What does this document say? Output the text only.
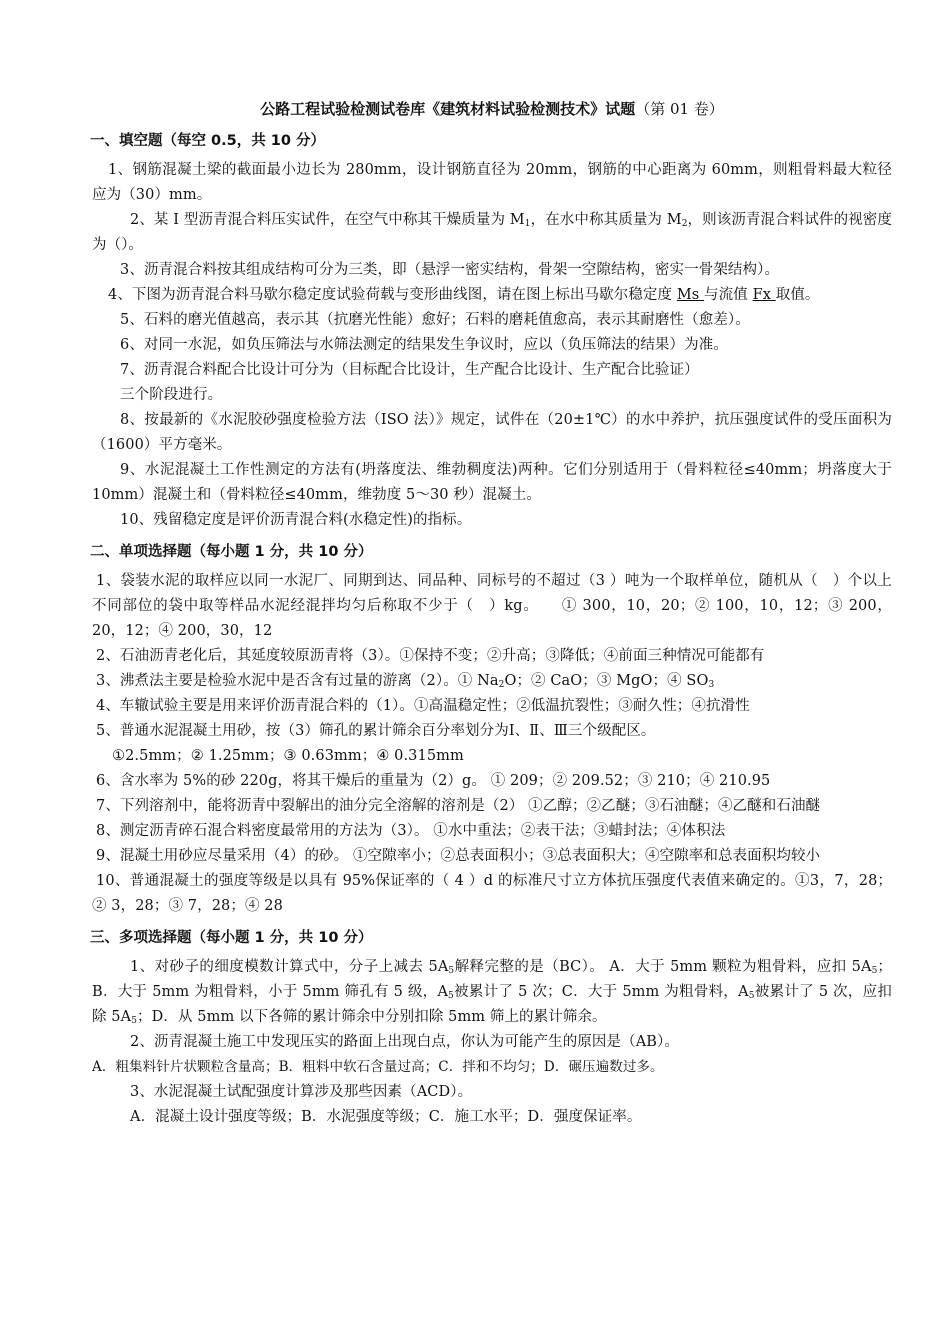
公路工程试验检测试卷库《建筑材料试验检测技术》试题（第 01 卷）
一、填空题（每空 0.5，共 10 分）

1、钢筋混凝土梁的截面最小边长为 280mm，设计钢筋直径为 20mm，钢筋的中心距离为 60mm，则粗骨料最大粒径应为（30）mm。

2、某 I 型沥青混合料压实试件，在空气中称其干燥质量为 $M_1$，在水中称其质量为 $M_2$，则该沥青混合料试件的视密度为（）。

3、沥青混合料按其组成结构可分为三类，即（悬浮一密实结构，骨架一空隙结构，密实一骨架结构）。

4、下图为沥青混合料马歇尔稳定度试验荷载与变形曲线图，请在图上标出马歇尔稳定度 Ms 与流值 Fx 取值。

5、石料的磨光值越高，表示其（抗磨光性能）愈好；石料的磨耗值愈高，表示其耐磨性（愈差）。

6、对同一水泥，如负压筛法与水筛法测定的结果发生争议时，应以（负压筛法的结果）为准。

7、沥青混合料配合比设计可分为（目标配合比设计，生产配合比设计、生产配合比验证）

三个阶段进行。

8、按最新的《水泥胶砂强度检验方法（ISO 法）》规定，试件在（20±1℃）的水中养护，抗压强度试件的受压面积为（1600）平方毫米。

9、水泥混凝土工作性测定的方法有(坍落度法、维勃稠度法)两种。它们分别适用于（骨料粒径≤40mm；坍落度大于 10mm）混凝土和（骨料粒径≤40mm，维勃度 5～30 秒）混凝土。

10、残留稳定度是评价沥青混合料(水稳定性)的指标。

二、单项选择题（每小题 1 分，共 10 分）

1、袋装水泥的取样应以同一水泥厂、同期到达、同品种、同标号的不超过（3 ）吨为一个取样单位，随机从（　）个以上不同部位的袋中取等样品水泥经混拌均匀后称取不少于（　）kg。　　① 300，10，20；② 100，10，12；③ 200，20，12；④ 200，30，12

2、石油沥青老化后，其延度较原沥青将（3）。①保持不变；②升高；③降低；④前面三种情况可能都有

3、沸煮法主要是检验水泥中是否含有过量的游离（2）。① $Na_2O$；② CaO；③ MgO；④ $SO_3$

4、车辙试验主要是用来评价沥青混合料的（1）。①高温稳定性；②低温抗裂性；③耐久性；④抗滑性

5、普通水泥混凝土用砂，按（3）筛孔的累计筛余百分率划分为Ⅰ、Ⅱ、Ⅲ三个级配区。

①2.5mm；② 1.25mm；③ 0.63mm；④ 0.315mm

6、含水率为 5%的砂 220g，将其干燥后的重量为（2）g。 ① 209；② 209.52；③ 210；④ 210.95

7、下列溶剂中，能将沥青中裂解出的油分完全溶解的溶剂是（2） ①乙醇；②乙醚；③石油醚；④乙醚和石油醚

8、测定沥青碎石混合料密度最常用的方法为（3）。 ①水中重法；②表干法；③蜡封法；④体积法

9、混凝土用砂应尽量采用（4）的砂。 ①空隙率小；②总表面积小；③总表面积大；④空隙率和总表面积均较小

10、普通混凝土的强度等级是以具有 95%保证率的（ 4 ）d 的标准尺寸立方体抗压强度代表值来确定的。①3，7，28；② 3，28；③ 7，28；④ 28

三、多项选择题（每小题 1 分，共 10 分）

1、对砂子的细度模数计算式中，分子上减去 $5A_5$解释完整的是（BC）。 A．大于 5mm 颗粒为粗骨料，应扣 $5A_5$；B．大于 5mm 为粗骨料，小于 5mm 筛孔有 5 级，$A_5$被累计了 5 次；C．大于 5mm 为粗骨料，$A_5$被累计了 5 次，应扣除 $5A_5$；D．从 5mm 以下各筛的累计筛余中分别扣除 5mm 筛上的累计筛余。

2、沥青混凝土施工中发现压实的路面上出现白点，你认为可能产生的原因是（AB）。

A．粗集料针片状颗粒含量高；B．粗料中软石含量过高；C．拌和不均匀；D．碾压遍数过多。

3、水泥混凝土试配强度计算涉及那些因素（ACD）。

A．混凝土设计强度等级；B．水泥强度等级；C．施工水平；D．强度保证率。
